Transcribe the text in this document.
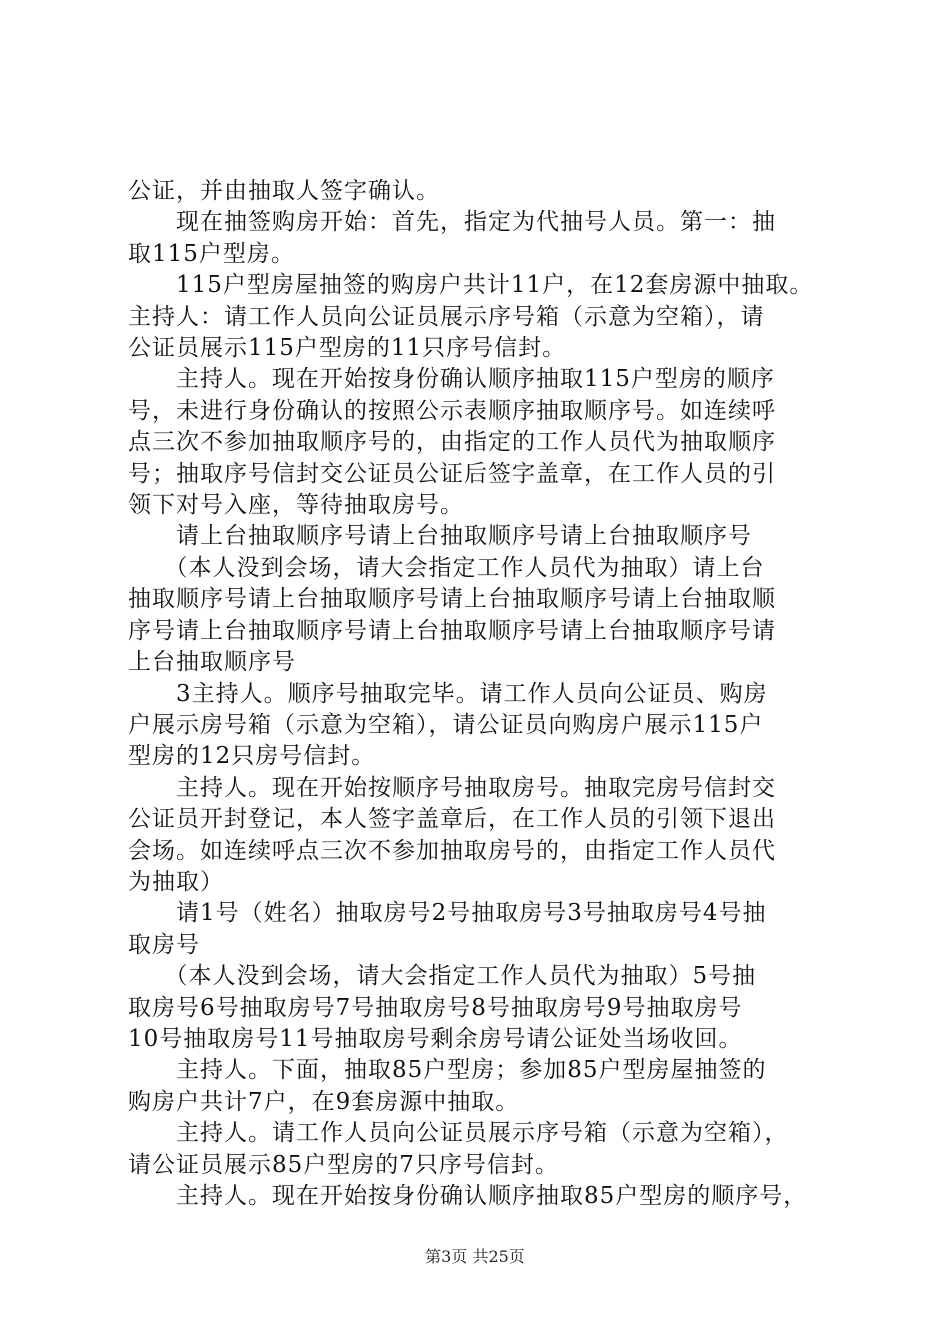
公证，并由抽取人签字确认。

　　现在抽签购房开始：首先，指定为代抽号人员。第一：抽

取115户型房。

　　115户型房屋抽签的购房户共计11户，在12套房源中抽取。

主持人：请工作人员向公证员展示序号箱（示意为空箱），请

公证员展示115户型房的11只序号信封。

　　主持人。现在开始按身份确认顺序抽取115户型房的顺序

号，未进行身份确认的按照公示表顺序抽取顺序号。如连续呼

点三次不参加抽取顺序号的，由指定的工作人员代为抽取顺序

号；抽取序号信封交公证员公证后签字盖章，在工作人员的引

领下对号入座，等待抽取房号。

　　请上台抽取顺序号请上台抽取顺序号请上台抽取顺序号

　　（本人没到会场，请大会指定工作人员代为抽取）请上台

抽取顺序号请上台抽取顺序号请上台抽取顺序号请上台抽取顺

序号请上台抽取顺序号请上台抽取顺序号请上台抽取顺序号请

上台抽取顺序号

　　3主持人。顺序号抽取完毕。请工作人员向公证员、购房

户展示房号箱（示意为空箱），请公证员向购房户展示115户

型房的12只房号信封。

　　主持人。现在开始按顺序号抽取房号。抽取完房号信封交

公证员开封登记，本人签字盖章后，在工作人员的引领下退出

会场。如连续呼点三次不参加抽取房号的，由指定工作人员代

为抽取）

　　请1号（姓名）抽取房号2号抽取房号3号抽取房号4号抽

取房号

　　（本人没到会场，请大会指定工作人员代为抽取）5号抽

取房号6号抽取房号7号抽取房号8号抽取房号9号抽取房号

10号抽取房号11号抽取房号剩余房号请公证处当场收回。

　　主持人。下面，抽取85户型房；参加85户型房屋抽签的

购房户共计7户，在9套房源中抽取。

　　主持人。请工作人员向公证员展示序号箱（示意为空箱），

请公证员展示85户型房的7只序号信封。

　　主持人。现在开始按身份确认顺序抽取85户型房的顺序号，

第3页 共25页
